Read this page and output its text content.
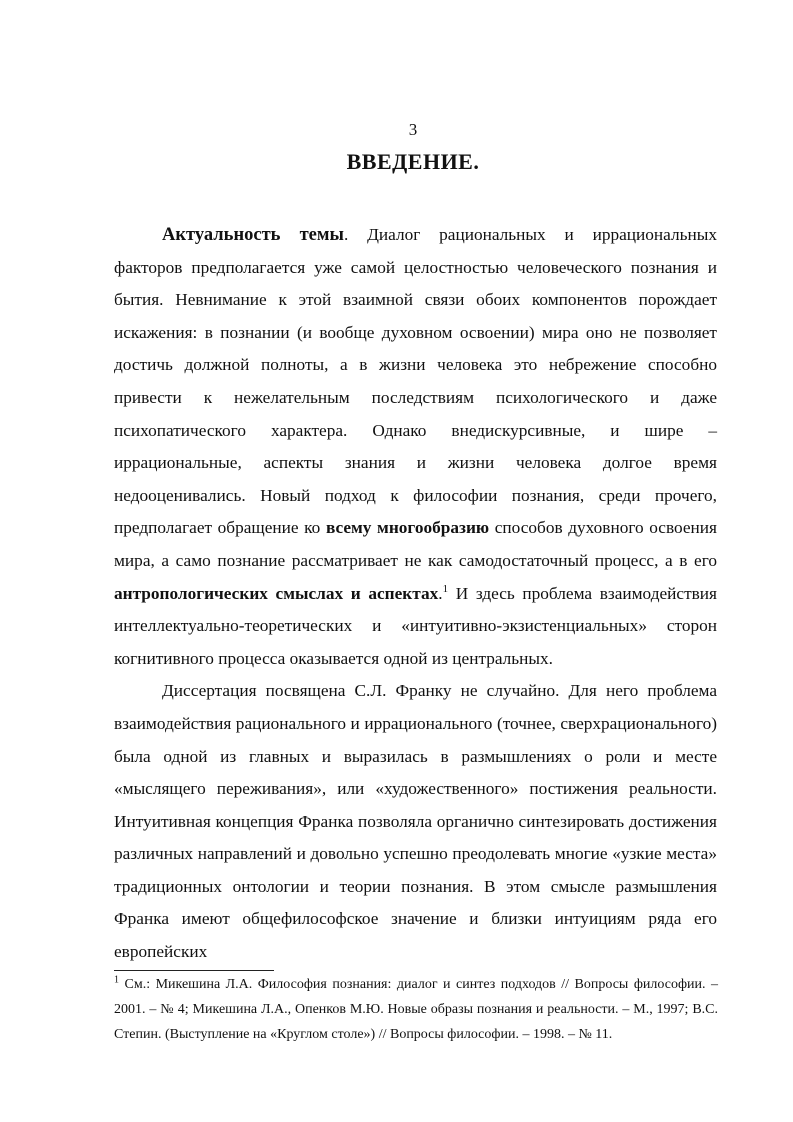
3
ВВЕДЕНИЕ.

Актуальность темы. Диалог рациональных и иррациональных факторов предполагается уже самой целостностью человеческого познания и бытия. Невнимание к этой взаимной связи обоих компонентов порождает искажения: в познании (и вообще духовном освоении) мира оно не позволяет достичь должной полноты, а в жизни человека это небрежение способно привести к нежелательным последствиям психологического и даже психопатического характера. Однако внедискурсивные, и шире – иррациональные, аспекты знания и жизни человека долгое время недооценивались. Новый подход к философии познания, среди прочего, предполагает обращение ко всему многообразию способов духовного освоения мира, а само познание рассматривает не как самодостаточный процесс, а в его антропологических смыслах и аспектах.$^1$ И здесь проблема взаимодействия интеллектуально-теоретических и «интуитивно-экзистенциальных» сторон когнитивного процесса оказывается одной из центральных.

Диссертация посвящена С.Л. Франку не случайно. Для него проблема взаимодействия рационального и иррационального (точнее, сверхрационального) была одной из главных и выразилась в размышлениях о роли и месте «мыслящего переживания», или «художественного» постижения реальности. Интуитивная концепция Франка позволяла органично синтезировать достижения различных направлений и довольно успешно преодолевать многие «узкие места» традиционных онтологии и теории познания. В этом смысле размышления Франка имеют общефилософское значение и близки интуициям ряда его европейских

$^1$ См.: Микешина Л.А. Философия познания: диалог и синтез подходов // Вопросы философии. – 2001. – № 4; Микешина Л.А., Опенков М.Ю. Новые образы познания и реальности. – М., 1997; В.С. Степин. (Выступление на «Круглом столе») // Вопросы философии. – 1998. – № 11.
